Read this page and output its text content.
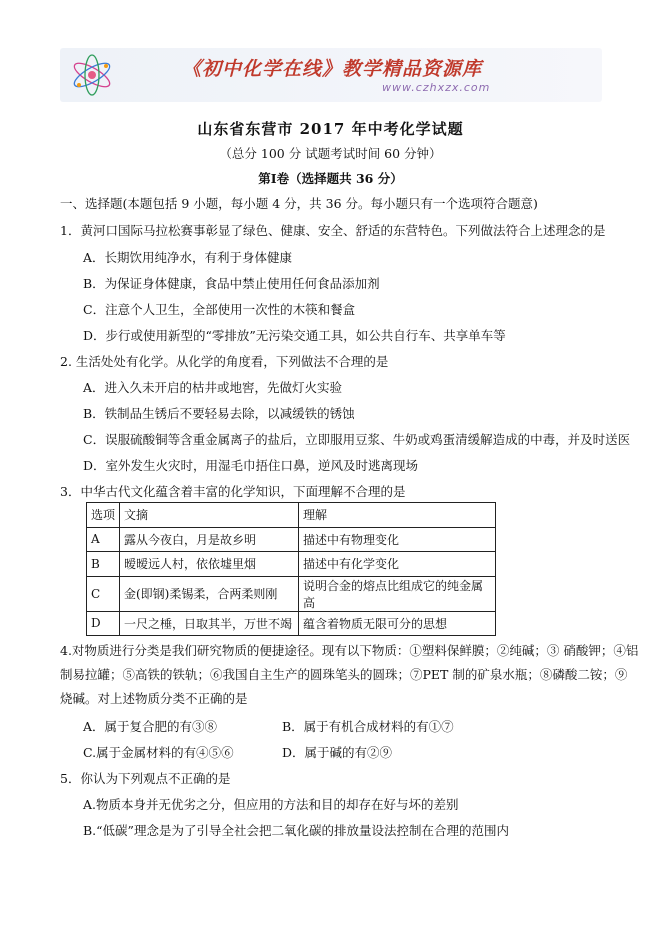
《初中化学在线》教学精品资源库
www.czhxzx.com
山东省东营市 2017 年中考化学试题
（总分 100 分 试题考试时间 60 分钟）
第Ⅰ卷（选择题共 36 分）
一、选择题(本题包括 9 小题，每小题 4 分，共 36 分。每小题只有一个选项符合题意)
1．黄河口国际马拉松赛事彰显了绿色、健康、安全、舒适的东营特色。下列做法符合上述理念的是
A．长期饮用纯净水，有利于身体健康
B．为保证身体健康，食品中禁止使用任何食品添加剂
C．注意个人卫生，全部使用一次性的木筷和餐盒
D．步行或使用新型的“零排放”无污染交通工具，如公共自行车、共享单车等
2. 生活处处有化学。从化学的角度看，下列做法不合理的是
A．进入久未开启的枯井或地窖，先做灯火实验
B．铁制品生锈后不要轻易去除，以减缓铁的锈蚀
C．误服硫酸铜等含重金属离子的盐后，立即服用豆浆、牛奶或鸡蛋清缓解造成的中毒，并及时送医
D．室外发生火灾时，用湿毛巾捂住口鼻，逆风及时逃离现场
3．中华古代文化蕴含着丰富的化学知识，下面理解不合理的是
选项	文摘	理解
A	露从今夜白，月是故乡明	描述中有物理变化
B	暧暧远人村，依依墟里烟	描述中有化学变化
C	金(即钢)柔锡柔，合两柔则刚	说明合金的熔点比组成它的纯金属高
D	一尺之棰，日取其半，万世不竭	蕴含着物质无限可分的思想
4.对物质进行分类是我们研究物质的便捷途径。现有以下物质：①塑料保鲜膜；②纯碱；③ 硝酸钾；④铝
制易拉罐；⑤高铁的铁轨；⑥我国自主生产的圆珠笔头的圆珠；⑦PET 制的矿泉水瓶；⑧磷酸二铵；⑨
烧碱。对上述物质分类不正确的是
A．属于复合肥的有③⑧	B．属于有机合成材料的有①⑦
C.属于金属材料的有④⑤⑥	D．属于碱的有②⑨
5．你认为下列观点不正确的是
A.物质本身并无优劣之分，但应用的方法和目的却存在好与坏的差别
B.“低碳”理念是为了引导全社会把二氧化碳的排放量设法控制在合理的范围内
